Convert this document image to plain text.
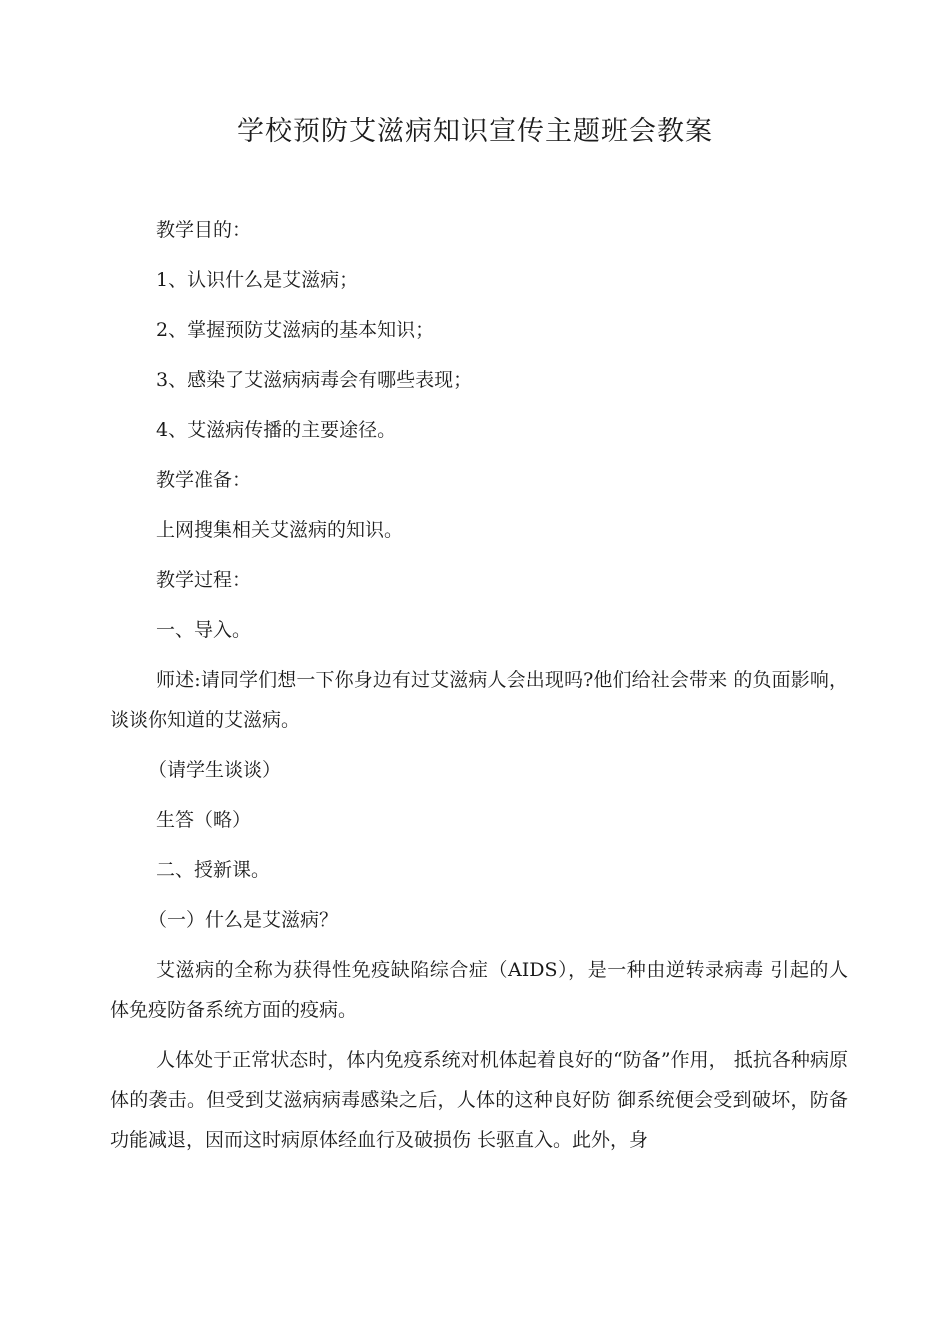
学校预防艾滋病知识宣传主题班会教案

教学目的：

1、认识什么是艾滋病；

2、掌握预防艾滋病的基本知识；

3、感染了艾滋病病毒会有哪些表现；

4、艾滋病传播的主要途径。

教学准备：

上网搜集相关艾滋病的知识。

教学过程：

一、导入。

师述:请同学们想一下你身边有过艾滋病人会出现吗?他们给社会带来 的负面影响，谈谈你知道的艾滋病。

（请学生谈谈）

生答（略）

二、授新课。

（一）什么是艾滋病？

艾滋病的全称为获得性免疫缺陷综合症（AIDS），是一种由逆转录病毒 引起的人体免疫防备系统方面的疫病。

人体处于正常状态时，体内免疫系统对机体起着良好的“防备”作用， 抵抗各种病原体的袭击。但受到艾滋病病毒感染之后，人体的这种良好防 御系统便会受到破坏，防备功能减退，因而这时病原体经血行及破损伤 长驱直入。此外，身
